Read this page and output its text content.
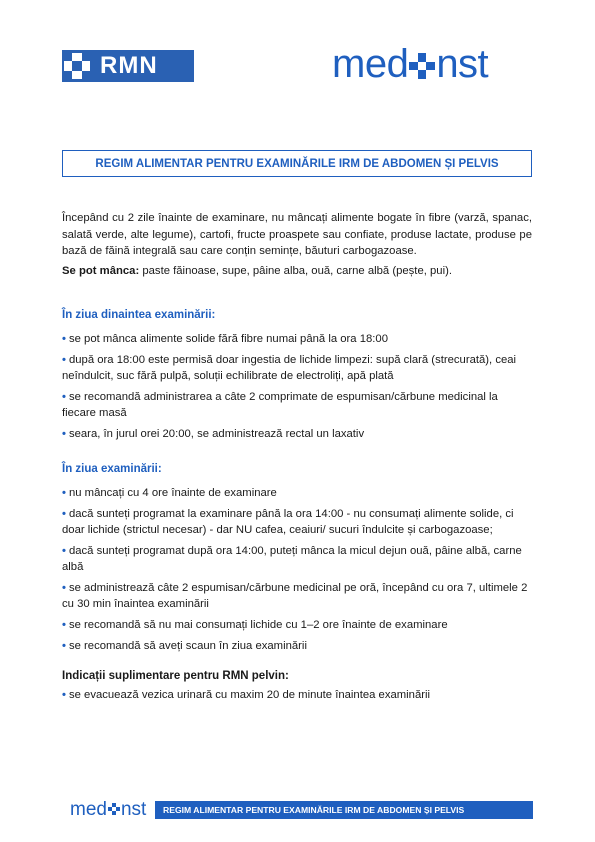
RMN	med nst
REGIM ALIMENTAR PENTRU EXAMINĂRILE IRM DE ABDOMEN ȘI PELVIS

Începând cu 2 zile înainte de examinare, nu mâncați alimente bogate în fibre (varză, spanac, salată verde, alte legume), cartofi, fructe proaspete sau confiate, produse lactate, produse pe bază de făină integrală sau care conțin semințe, băuturi carbogazoase.

Se pot mânca: paste făinoase, supe, pâine alba, ouă, carne albă (pește, pui).

În ziua dinaintea examinării:
• se pot mânca alimente solide fără fibre numai până la ora 18:00
• după ora 18:00 este permisă doar ingestia de lichide limpezi: supă clară (strecurată), ceai neîndulcit, suc fără pulpă, soluții echilibrate de electroliți, apă plată
• se recomandă administrarea a câte 2 comprimate de espumisan/cărbune medicinal la fiecare masă
• seara, în jurul orei 20:00, se administrează rectal un laxativ
În ziua examinării:
• nu mâncați cu 4 ore înainte de examinare
• dacă sunteți programat la examinare până la ora 14:00 - nu consumați alimente solide, ci doar lichide (strictul necesar) - dar NU cafea, ceaiuri/ sucuri îndulcite și carbogazoase;
• dacă sunteți programat după ora 14:00, puteți mânca la micul dejun ouă, pâine albă, carne albă
• se administrează câte 2 espumisan/cărbune medicinal pe oră, începând cu ora 7, ultimele 2 cu 30 min înaintea examinării
• se recomandă să nu mai consumați lichide cu 1–2 ore înainte de examinare
• se recomandă să aveți scaun în ziua examinării
Indicații suplimentare pentru RMN pelvin:
• se evacuează vezica urinară cu maxim 20 de minute înaintea examinării
med nst REGIM ALIMENTAR PENTRU EXAMINĂRILE IRM DE ABDOMEN ȘI PELVIS
